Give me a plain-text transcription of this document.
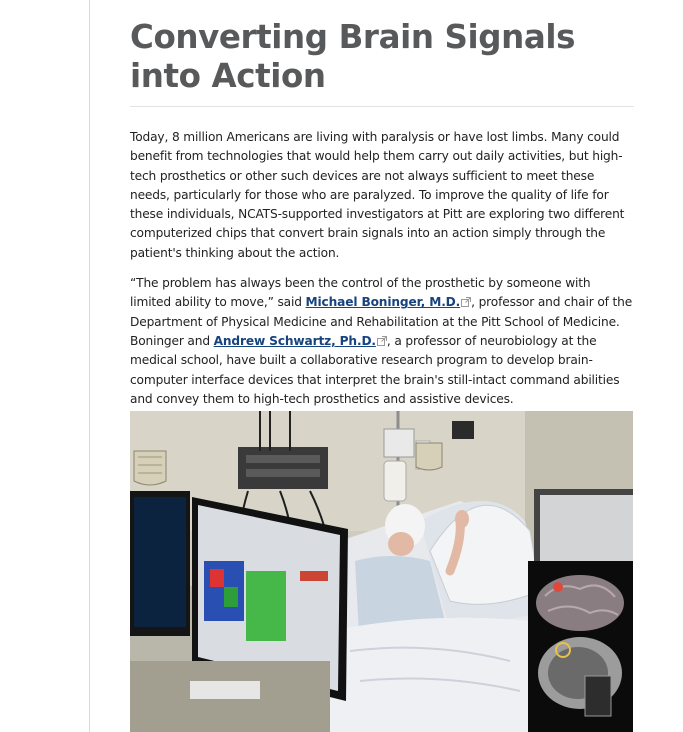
Converting Brain Signals into Action

Today, 8 million Americans are living with paralysis or have lost limbs. Many could benefit from technologies that would help them carry out daily activities, but high-tech prosthetics or other such devices are not always sufficient to meet these needs, particularly for those who are paralyzed. To improve the quality of life for these individuals, NCATS-supported investigators at Pitt are exploring two different computerized chips that convert brain signals into an action simply through the patient's thinking about the action.

“The problem has always been the control of the prosthetic by someone with limited ability to move,” said Michael Boninger, M.D. , professor and chair of the Department of Physical Medicine and Rehabilitation at the Pitt School of Medicine. Boninger and Andrew Schwartz, Ph.D. , a professor of neurobiology at the medical school, have built a collaborative research program to develop brain-computer interface devices that interpret the brain's still-intact command abilities and convey them to high-tech prosthetics and assistive devices.
